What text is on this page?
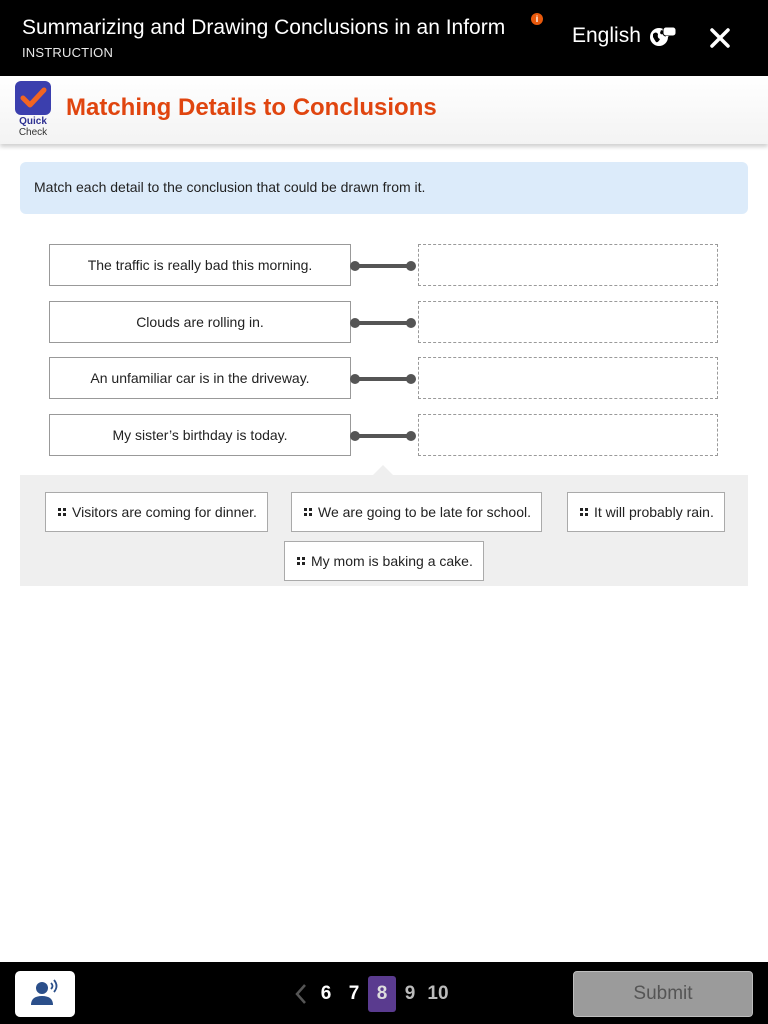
Summarizing and Drawing Conclusions in an Inform
INSTRUCTION
i
English
Quick
Check
Matching Details to Conclusions
Match each detail to the conclusion that could be drawn from it.
The traffic is really bad this morning.
Clouds are rolling in.
An unfamiliar car is in the driveway.
My sister’s birthday is today.
Visitors are coming for dinner.	We are going to be late for school.	It will probably rain.
My mom is baking a cake.
6 7 8 9 10	Submit
